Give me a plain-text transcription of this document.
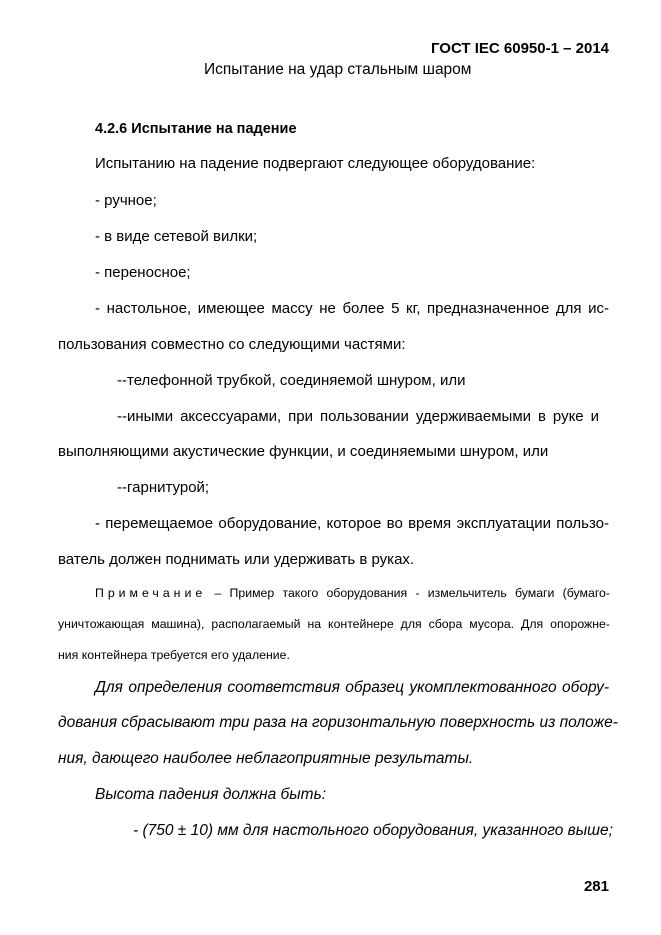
ГОСТ IEC 60950-1 – 2014
Испытание на удар стальным шаром
4.2.6 Испытание на падение
Испытанию на падение подвергают следующее оборудование:
- ручное;
- в виде сетевой вилки;
- переносное;
- настольное, имеющее массу не более 5 кг, предназначенное для ис-
пользования совместно со следующими частями:
--телефонной трубкой, соединяемой шнуром, или
--иными аксессуарами, при пользовании удерживаемыми в руке и
выполняющими акустические функции, и соединяемыми шнуром, или
--гарнитурой;
- перемещаемое оборудование, которое во время эксплуатации пользо-
ватель должен поднимать или удерживать в руках.
Примечание – Пример такого оборудования - измельчитель бумаги (бумаго-
уничтожающая машина), располагаемый на контейнере для сбора мусора. Для опорожне-
ния контейнера требуется его удаление.
Для определения соответствия образец укомплектованного обору-
дования сбрасывают три раза на горизонтальную поверхность из положе-
ния, дающего наиболее неблагоприятные результаты.
Высота падения должна быть:
- (750 ± 10) мм для настольного оборудования, указанного выше;
281
